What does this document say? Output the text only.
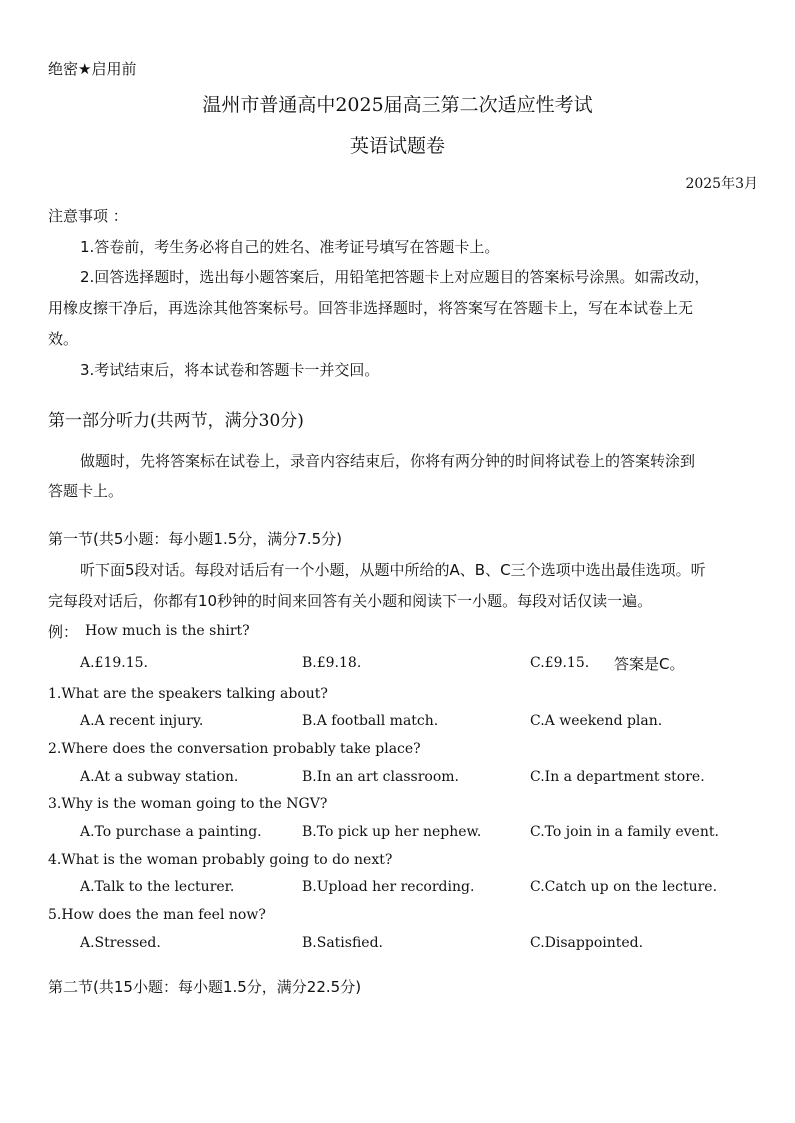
绝密★启用前
温州市普通高中2025届高三第二次适应性考试
英语试题卷
2025年3月
注意事项 ：
1.答卷前，考生务必将自己的姓名、准考证号填写在答题卡上。
2.回答选择题时，选出每小题答案后，用铅笔把答题卡上对应题目的答案标号涂黑。如需改动，
用橡皮擦干净后，再选涂其他答案标号。回答非选择题时，将答案写在答题卡上，写在本试卷上无
效。
3.考试结束后，将本试卷和答题卡一并交回。
第一部分听力(共两节，满分30分)
做题时，先将答案标在试卷上，录音内容结束后，你将有两分钟的时间将试卷上的答案转涂到
答题卡上。
第一节(共5小题：每小题1.5分，满分7.5分)
听下面5段对话。每段对话后有一个小题，从题中所给的A、B、C三个选项中选出最佳选项。听
完每段对话后，你都有10秒钟的时间来回答有关小题和阅读下一小题。每段对话仅读一遍。
例： How much is the shirt?
A.£19.15.	B.£9.18.	C.£9.15. 答案是C。
1.What are the speakers talking about?
A.A recent injury.	B.A football match.	C.A weekend plan.
2.Where does the conversation probably take place?
A.At a subway station.	B.In an art classroom.	C.In a department store.
3.Why is the woman going to the NGV?
A.To purchase a painting.	B.To pick up her nephew.	C.To join in a family event.
4.What is the woman probably going to do next?
A.Talk to the lecturer.	B.Upload her recording.	C.Catch up on the lecture.
5.How does the man feel now?
A.Stressed.	B.Satisfied.	C.Disappointed.
第二节(共15小题：每小题1.5分，满分22.5分)
